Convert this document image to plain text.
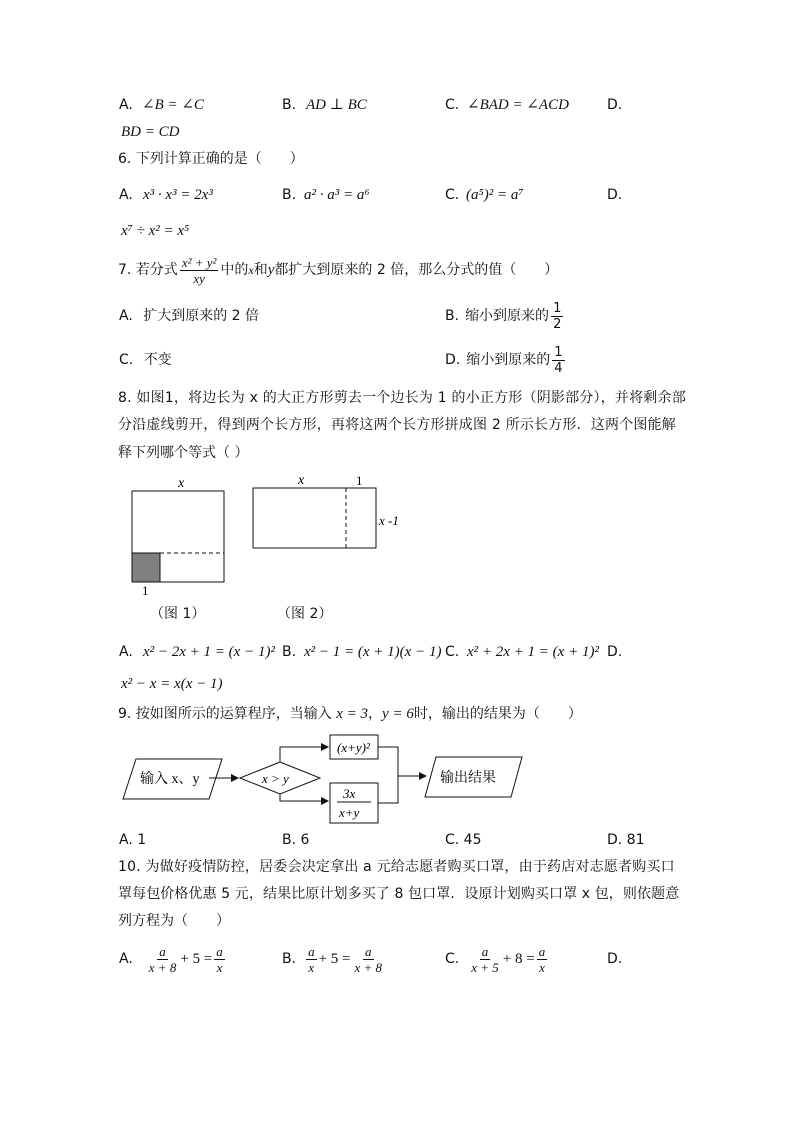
A. ∠B = ∠C	B. AD ⊥ BC	C. ∠BAD = ∠ACD	D.
BD = CD
6. 下列计算正确的是（　　）
A. x³ · x³ = 2x³	B. a² · a³ = a⁶	C. (a⁵)² = a⁷	D.
x⁷ ÷ x² = x⁵
7. 若分式 $\frac{\text{x² + y²}}{xy}$ 中的 x 和 y 都扩大到原来的 2 倍，那么分式的值（　　）
A. 扩大到原来的 2 倍	B. 缩小到原来的 $\frac{1}{2}$
C. 不变	D. 缩小到原来的 $\frac{1}{4}$
8. 如图1，将边长为 x 的大正方形剪去一个边长为 1 的小正方形（阴影部分），并将剩余部
分沿虚线剪开，得到两个长方形，再将这两个长方形拼成图 2 所示长方形．这两个图能解
释下列哪个等式（ ）
x
1
x	1
x -1
（图 1）	（图 2）
A. x² − 2x + 1 = (x − 1)² B. x² − 1 = (x + 1)(x − 1) C. x² + 2x + 1 = (x + 1)² D.
x² − x = x(x − 1)
9. 按如图所示的运算程序，当输入 x = 3，y = 6时，输出的结果为（　　）
输入 x、y	x > y
(x+y)²
3x
x+y
输出结果
A. 1	B. 6	C. 45	D. 81
10. 为做好疫情防控，居委会决定拿出 a 元给志愿者购买口罩，由于药店对志愿者购买口
罩每包价格优惠 5 元，结果比原计划多买了 8 包口罩．设原计划购买口罩 x 包，则依题意
列方程为（　　）
A. $\frac{a}{x + 8} + 5 = \frac{a}{x}$	B. $\frac{a}{x} + 5 = \frac{a}{x + 8}$	C. $\frac{a}{x + 5} + 8 = \frac{a}{x}$	D.
